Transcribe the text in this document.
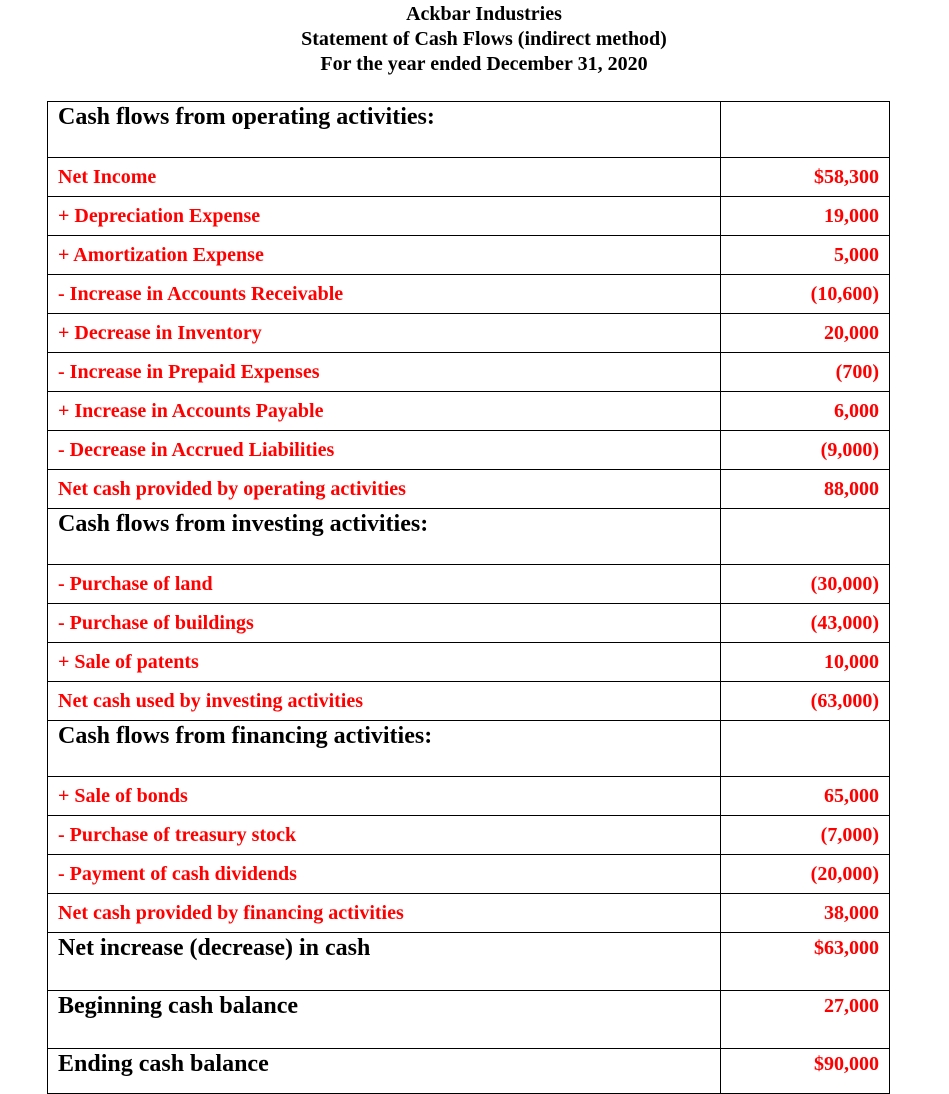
Ackbar Industries
Statement of Cash Flows (indirect method)
For the year ended December 31, 2020
Cash flows from operating activities:	
Net Income	$58,300
+ Depreciation Expense	19,000
+ Amortization Expense	5,000
- Increase in Accounts Receivable	(10,600)
+ Decrease in Inventory	20,000
- Increase in Prepaid Expenses	(700)
+ Increase in Accounts Payable	6,000
- Decrease in Accrued Liabilities	(9,000)
Net cash provided by operating activities	88,000
Cash flows from investing activities:	
- Purchase of land	(30,000)
- Purchase of buildings	(43,000)
+ Sale of patents	10,000
Net cash used by investing activities	(63,000)
Cash flows from financing activities:	
+ Sale of bonds	65,000
- Purchase of treasury stock	(7,000)
- Payment of cash dividends	(20,000)
Net cash provided by financing activities	38,000
Net increase (decrease) in cash	$63,000
Beginning cash balance	27,000
Ending cash balance	$90,000
